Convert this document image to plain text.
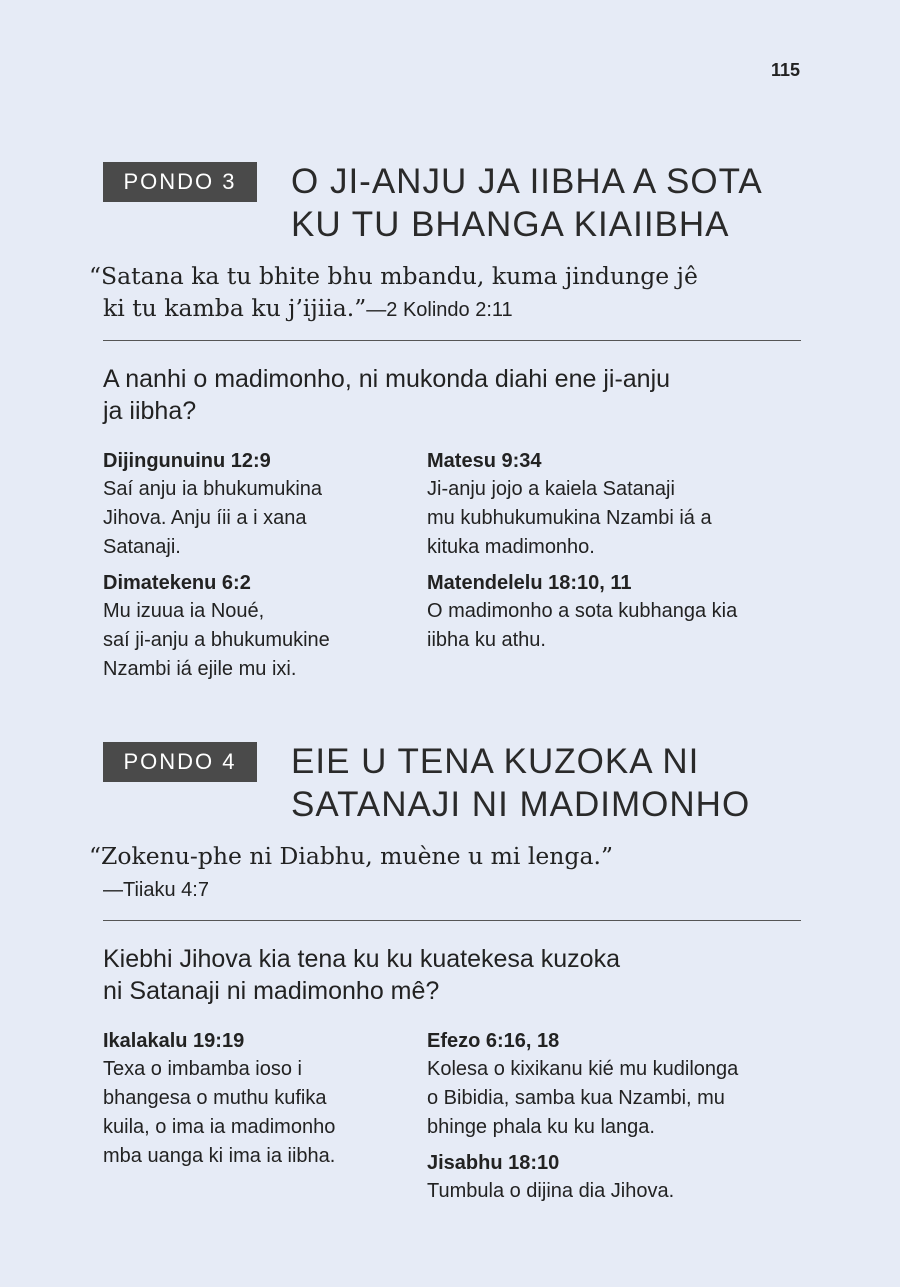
115
PONDO 3	O JI-ANJU JA IIBHA A SOTA
KU TU BHANGA KIAIIBHA
“Satana ka tu bhite bhu mbandu, kuma jindunge jê
ki tu kamba ku j’ijiia.”—2 Kolindo 2:11
A nanhi o madimonho, ni mukonda diahi ene ji-anju
ja iibha?
Dijingunuinu 12:9
Saí anju ia bhukumukina
Jihova. Anju íii a i xana
Satanaji.
Dimatekenu 6:2
Mu izuua ia Noué,
saí ji-anju a bhukumukine
Nzambi iá ejile mu ixi.
Matesu 9:34
Ji-anju jojo a kaiela Satanaji
mu kubhukumukina Nzambi iá a
kituka madimonho.
Matendelelu 18:10, 11
O madimonho a sota kubhanga kia
iibha ku athu.
PONDO 4	EIE U TENA KUZOKA NI
SATANAJI NI MADIMONHO
“Zokenu-phe ni Diabhu, muène u mi lenga.”
—Tiiaku 4:7
Kiebhi Jihova kia tena ku ku kuatekesa kuzoka
ni Satanaji ni madimonho mê?
Ikalakalu 19:19
Texa o imbamba ioso i
bhangesa o muthu kufika
kuila, o ima ia madimonho
mba uanga ki ima ia iibha.
Efezo 6:16, 18
Kolesa o kixikanu kié mu kudilonga
o Bibidia, samba kua Nzambi, mu
bhinge phala ku ku langa.
Jisabhu 18:10
Tumbula o dijina dia Jihova.
